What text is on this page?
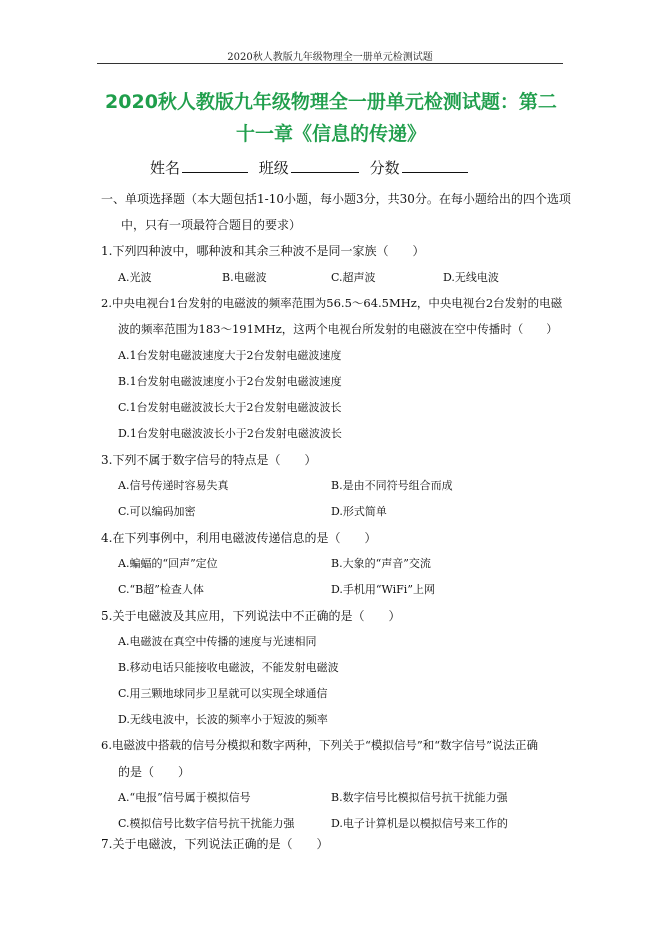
2020秋人教版九年级物理全一册单元检测试题
2020秋人教版九年级物理全一册单元检测试题：第二
十一章《信息的传递》
姓名	班级	分数
一、单项选择题（本大题包括1-10小题，每小题3分，共30分。在每小题给出的四个选项
中，只有一项最符合题目的要求）
1.下列四种波中，哪种波和其余三种波不是同一家族（　　）
A.光波	B.电磁波	C.超声波	D.无线电波
2.中央电视台1台发射的电磁波的频率范围为56.5～64.5MHz，中央电视台2台发射的电磁
波的频率范围为183～191MHz，这两个电视台所发射的电磁波在空中传播时（　　）
A.1台发射电磁波速度大于2台发射电磁波速度
B.1台发射电磁波速度小于2台发射电磁波速度
C.1台发射电磁波波长大于2台发射电磁波波长
D.1台发射电磁波波长小于2台发射电磁波波长
3.下列不属于数字信号的特点是（　　）
A.信号传递时容易失真	B.是由不同符号组合而成
C.可以编码加密	D.形式简单
4.在下列事例中，利用电磁波传递信息的是（　　）
A.蝙蝠的“回声”定位	B.大象的“声音”交流
C.“B超”检查人体	D.手机用“WiFi”上网
5.关于电磁波及其应用，下列说法中不正确的是（　　）
A.电磁波在真空中传播的速度与光速相同
B.移动电话只能接收电磁波，不能发射电磁波
C.用三颗地球同步卫星就可以实现全球通信
D.无线电波中，长波的频率小于短波的频率
6.电磁波中搭载的信号分模拟和数字两种，下列关于“模拟信号”和“数字信号”说法正确
的是（　　）
A.“电报”信号属于模拟信号	B.数字信号比模拟信号抗干扰能力强
C.模拟信号比数字信号抗干扰能力强	D.电子计算机是以模拟信号来工作的
7.关于电磁波，下列说法正确的是（　　）
